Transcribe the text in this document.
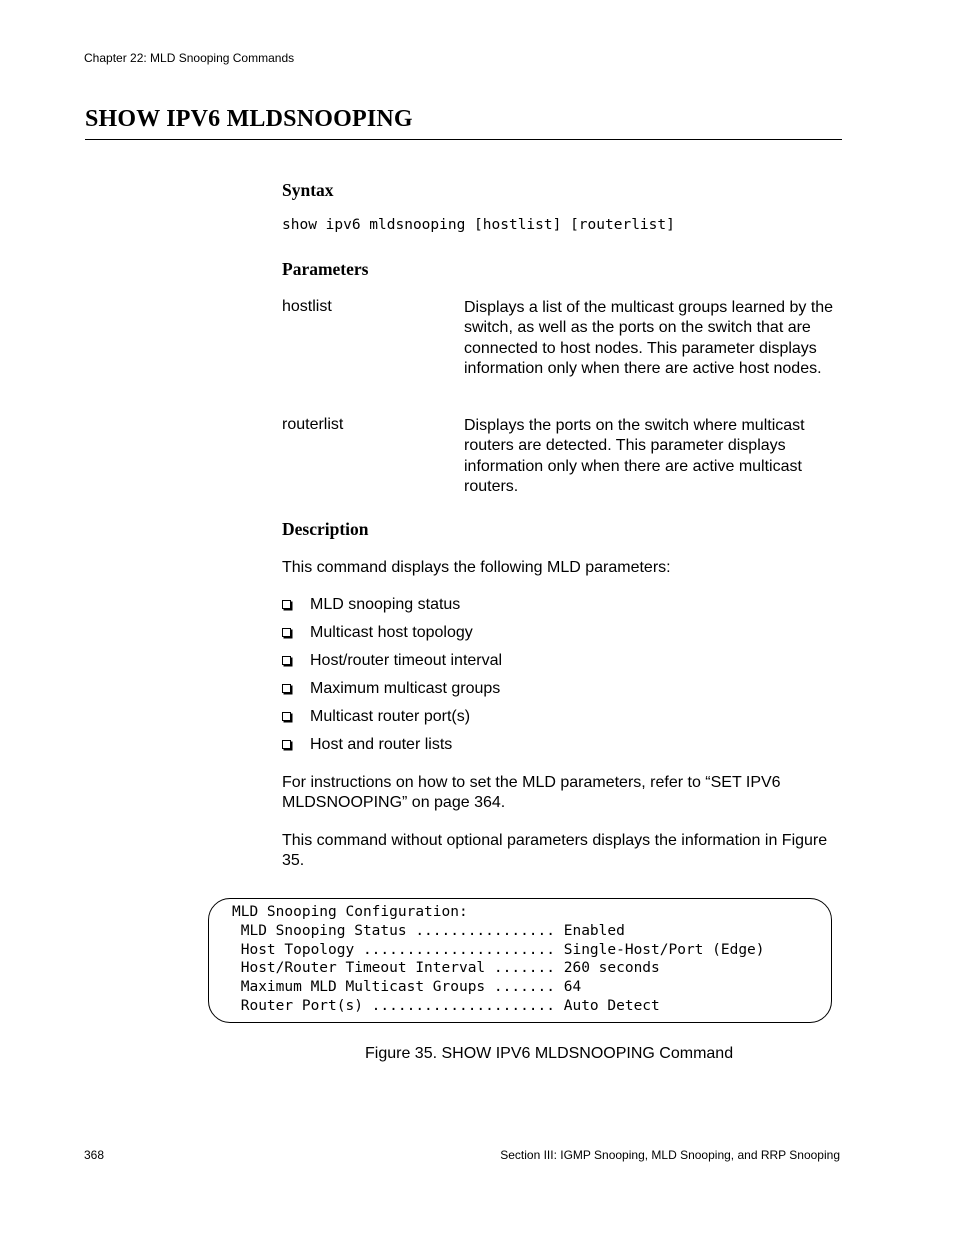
Chapter 22: MLD Snooping Commands
SHOW IPV6 MLDSNOOPING
Syntax
show ipv6 mldsnooping [hostlist] [routerlist]
Parameters
hostlist	Displays a list of the multicast groups learned by the switch, as well as the ports on the switch that are connected to host nodes. This parameter displays information only when there are active host nodes.
routerlist	Displays the ports on the switch where multicast routers are detected. This parameter displays information only when there are active multicast routers.
Description
This command displays the following MLD parameters:
MLD snooping status
Multicast host topology
Host/router timeout interval
Maximum multicast groups
Multicast router port(s)
Host and router lists
For instructions on how to set the MLD parameters, refer to “SET IPV6 MLDSNOOPING” on page 364.
This command without optional parameters displays the information in Figure 35.
MLD Snooping Configuration:
MLD Snooping Status ................ Enabled
Host Topology ...................... Single-Host/Port (Edge)
Host/Router Timeout Interval ....... 260 seconds
Maximum MLD Multicast Groups ....... 64
Router Port(s) ..................... Auto Detect
Figure 35. SHOW IPV6 MLDSNOOPING Command
368	Section III: IGMP Snooping, MLD Snooping, and RRP Snooping
